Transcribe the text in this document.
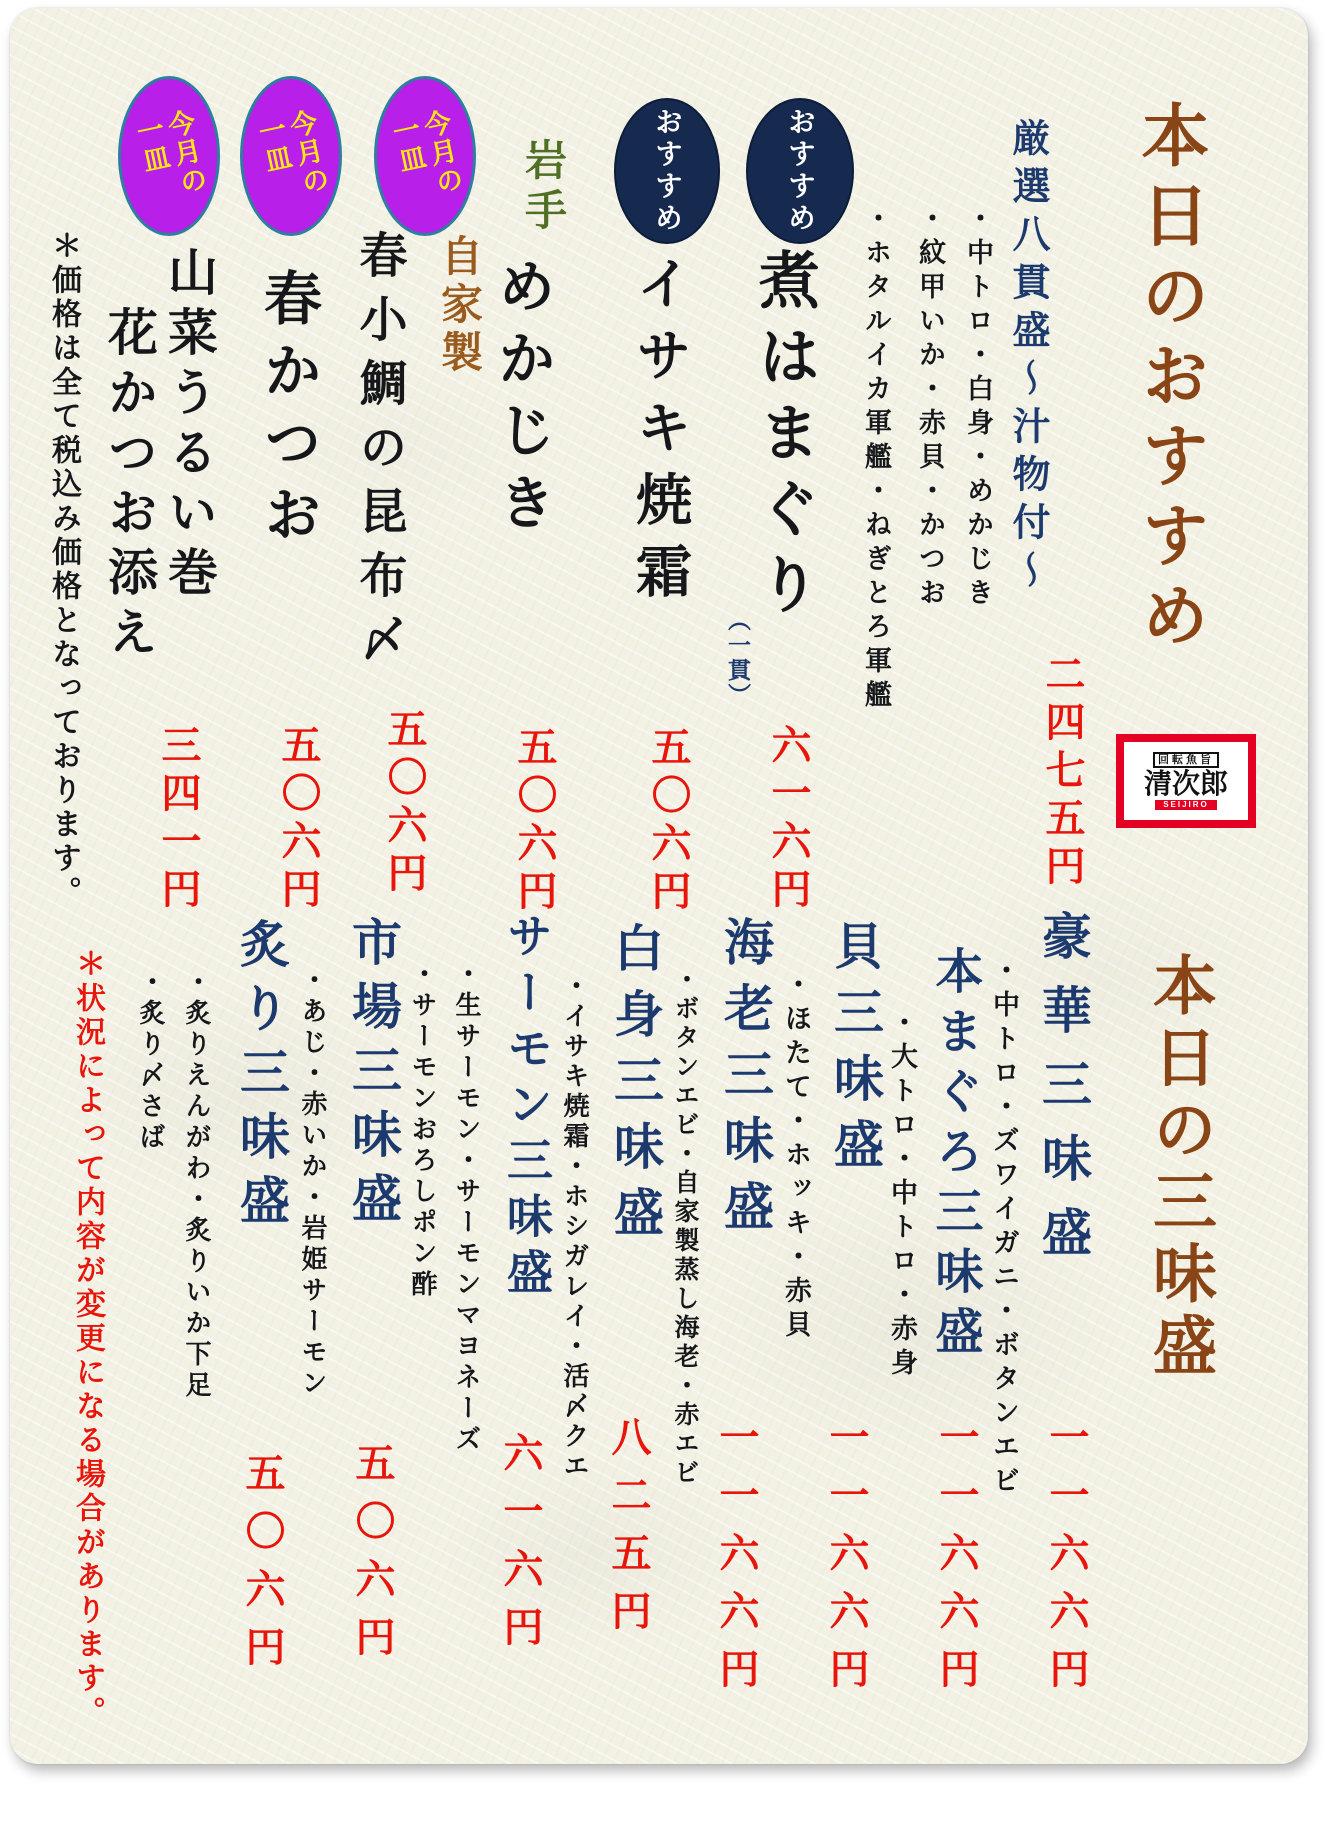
本日のおすすめ
厳選八貫盛～汁物付～
・中トロ・白身・めかじき
・紋甲いか・赤貝・かつお
・ホタルイカ軍艦・ねぎとろ軍艦
二四七五円	回転魚旨
清次郎
SEIJIRO
おすすめ
煮はまぐり
（一貫）
六一六円
おすすめ
イサキ焼霜
五〇六円
岩手
めかじき
五〇六円
今月の
一皿
自家製
春小鯛の昆布〆
五〇六円
今月の
一皿
春かつお
五〇六円
今月の
一皿
山菜うるい巻
花かつお添え
三四一円
＊価格は全て税込み価格となっております。
本日の三味盛
豪華三味盛
・中トロ・ズワイガニ・ボタンエビ
一一六六円
本まぐろ三味盛
・大トロ・中トロ・赤身
一一六六円
貝三味盛
・ほたて・ホッキ・赤貝
一一六六円
海老三味盛
・ボタンエビ・自家製蒸し海老・赤エビ
一一六六円
白身三味盛
・イサキ焼霜・ホシガレイ・活〆クエ
八二五円
サーモン三味盛
・生サーモン・サーモンマヨネーズ
・サーモンおろしポン酢
六一六円
市場三味盛
・あじ・赤いか・岩姫サーモン
五〇六円
炙り三味盛
・炙りえんがわ・炙りいか下足
・炙り〆さば
五〇六円
＊状況によって内容が変更になる場合があります。
